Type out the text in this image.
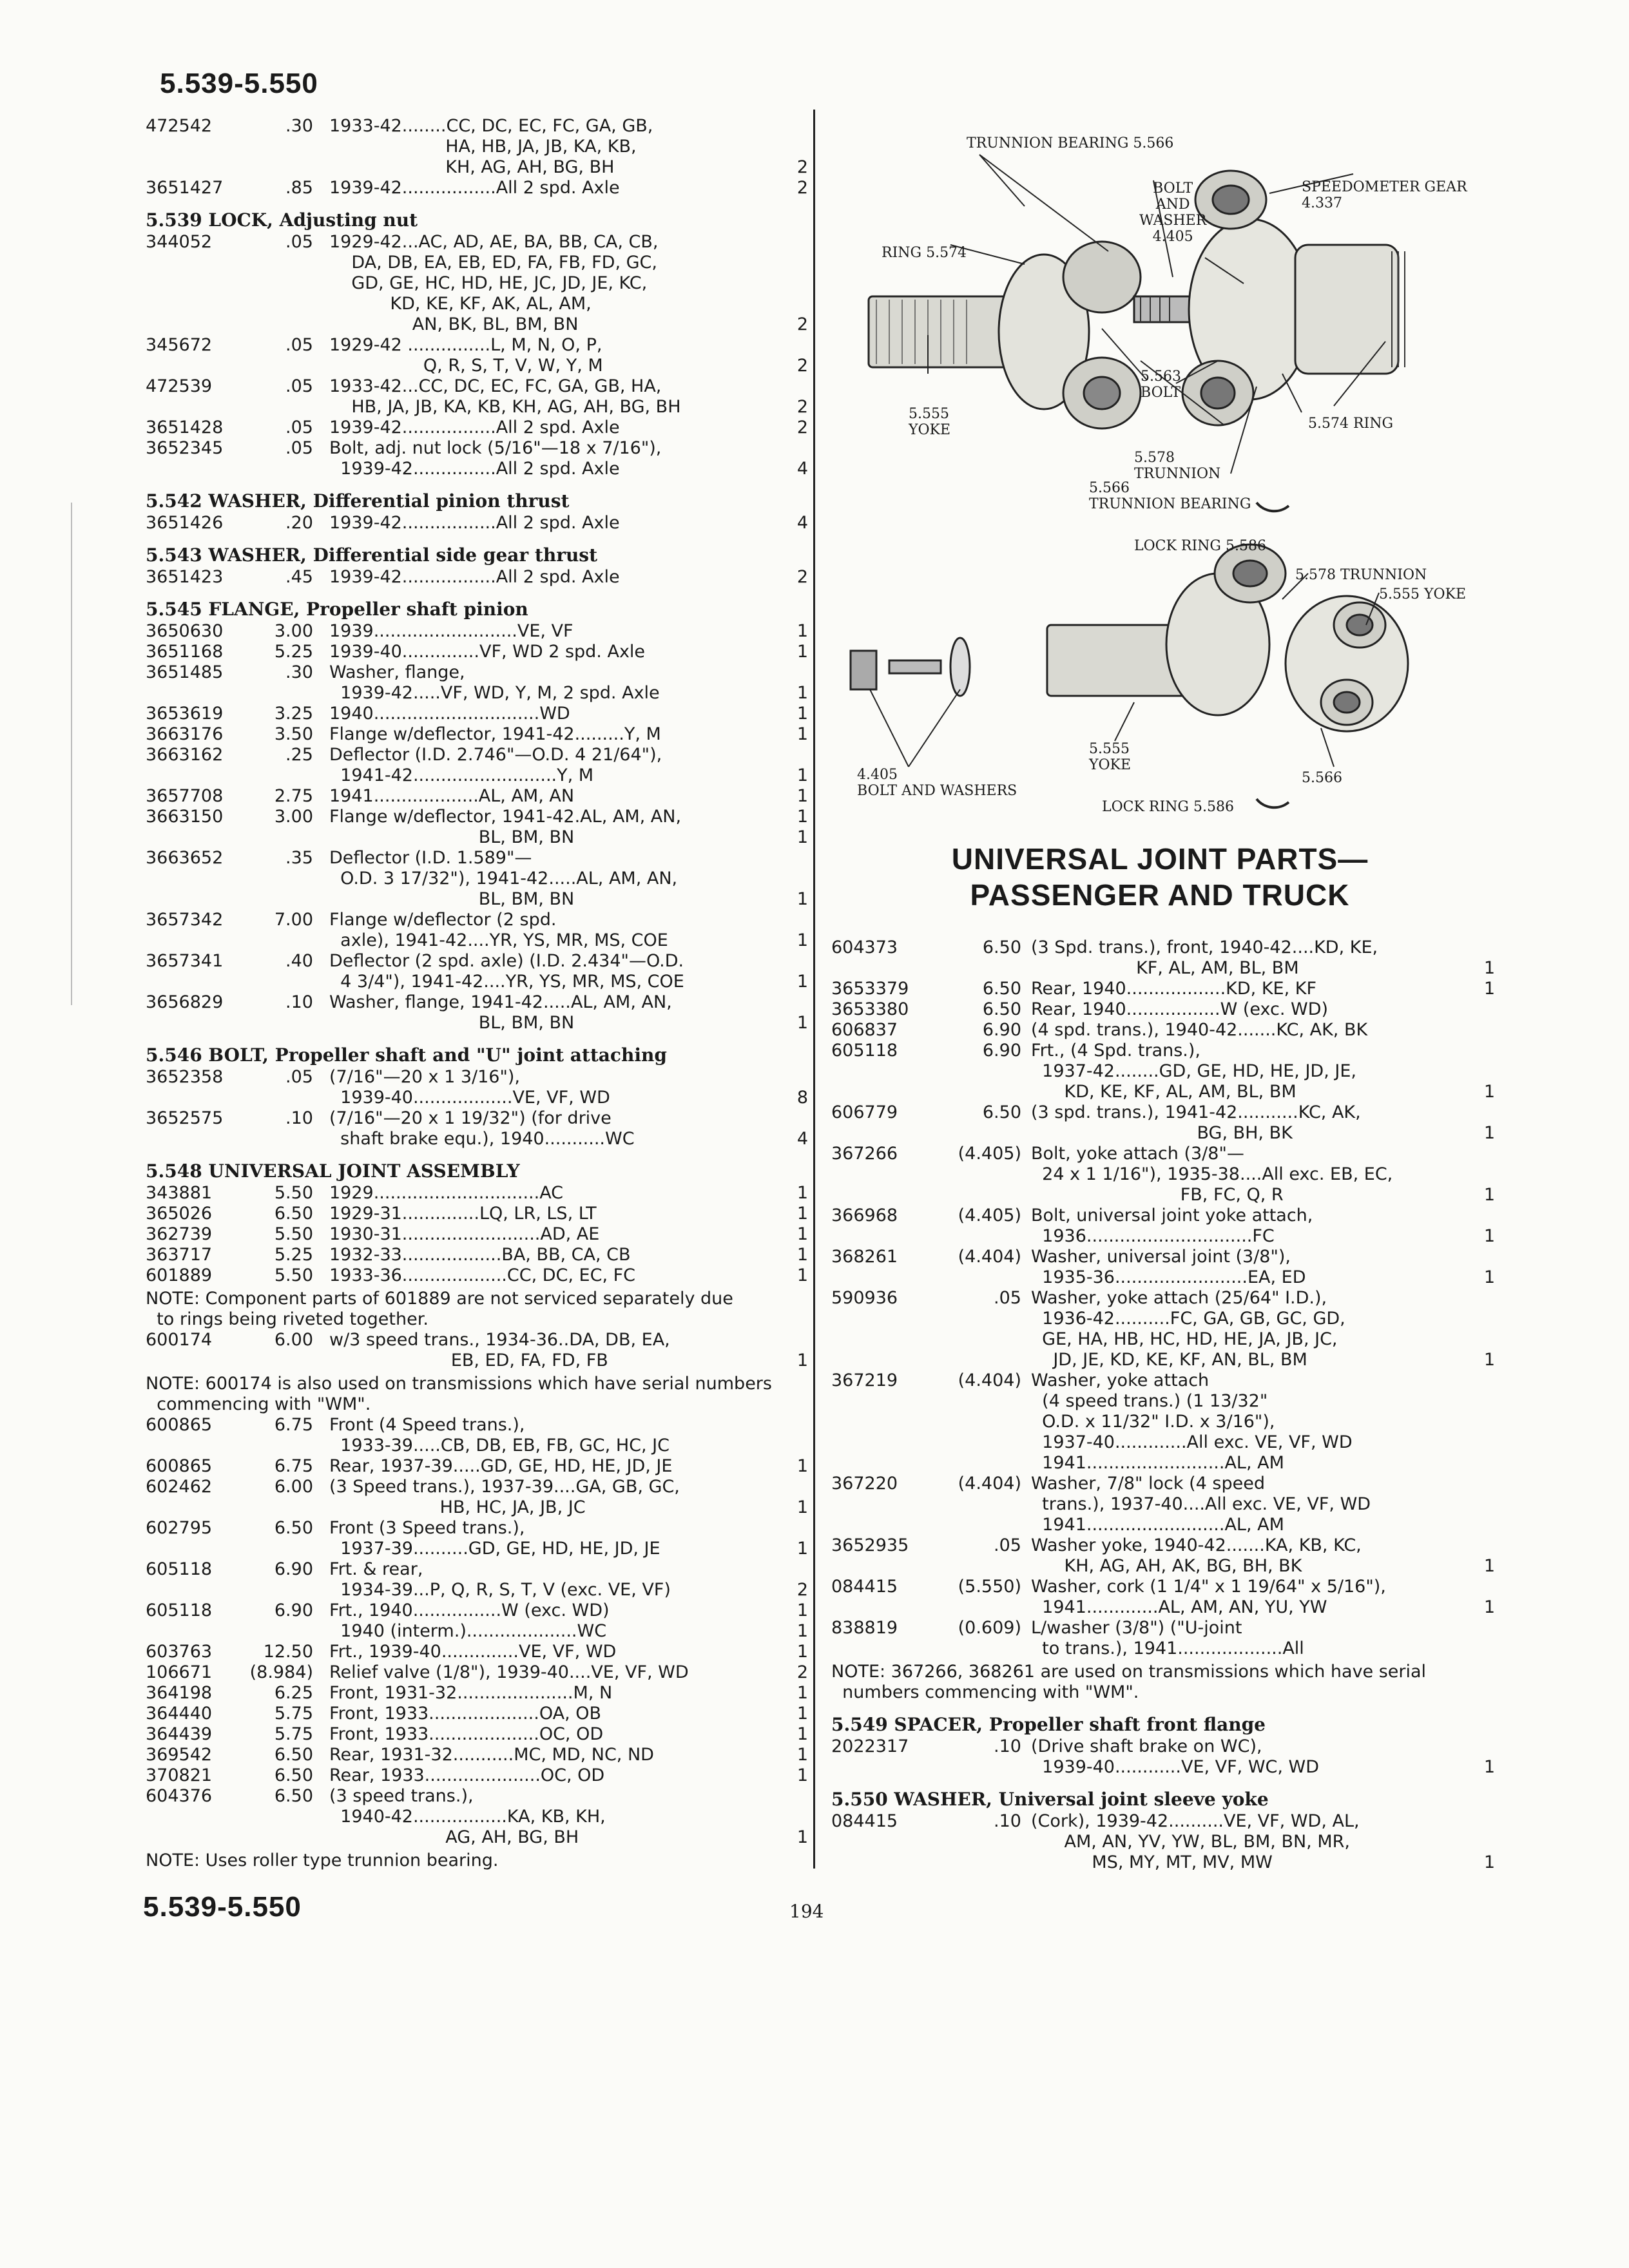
5.539-5.550
5.539-5.550	194
472542	.30 1933-42........CC, DC, EC, FC, GA, GB,
HA, HB, JA, JB, KA, KB,
KH, AG, AH, BG, BH	2
3651427	.85 1939-42.................All 2 spd. Axle	2
5.539 LOCK, Adjusting nut
344052	.05 1929-42...AC, AD, AE, BA, BB, CA, CB,
DA, DB, EA, EB, ED, FA, FB, FD, GC,
GD, GE, HC, HD, HE, JC, JD, JE, KC,
KD, KE, KF, AK, AL, AM,
AN, BK, BL, BM, BN	2
345672	.05 1929-42 ...............L, M, N, O, P,
Q, R, S, T, V, W, Y, M	2
472539	.05 1933-42...CC, DC, EC, FC, GA, GB, HA,
HB, JA, JB, KA, KB, KH, AG, AH, BG, BH	2
3651428	.05 1939-42.................All 2 spd. Axle	2
3652345	.05 Bolt, adj. nut lock (5/16"—18 x 7/16"),
1939-42...............All 2 spd. Axle	4
5.542 WASHER, Differential pinion thrust
3651426	.20 1939-42.................All 2 spd. Axle	4
5.543 WASHER, Differential side gear thrust
3651423	.45 1939-42.................All 2 spd. Axle	2
5.545 FLANGE, Propeller shaft pinion
3650630	3.00 1939..........................VE, VF	1
3651168	5.25 1939-40..............VF, WD 2 spd. Axle	1
3651485	.30 Washer, flange,
1939-42.....VF, WD, Y, M, 2 spd. Axle	1
3653619	3.25 1940..............................WD	1
3663176	3.50 Flange w/deflector, 1941-42.........Y, M	1
3663162	.25 Deflector (I.D. 2.746"—O.D. 4 21/64"),
1941-42..........................Y, M	1
3657708	2.75 1941...................AL, AM, AN	1
3663150	3.00 Flange w/deflector, 1941-42.AL, AM, AN,	1
BL, BM, BN	1
3663652	.35 Deflector (I.D. 1.589"—
O.D. 3 17/32"), 1941-42.....AL, AM, AN,
BL, BM, BN	1
3657342	7.00 Flange w/deflector (2 spd.
axle), 1941-42....YR, YS, MR, MS, COE	1
3657341	.40 Deflector (2 spd. axle) (I.D. 2.434"—O.D.
4 3/4"), 1941-42....YR, YS, MR, MS, COE	1
3656829	.10 Washer, flange, 1941-42.....AL, AM, AN,
BL, BM, BN	1
5.546 BOLT, Propeller shaft and "U" joint attaching
3652358	.05 (7/16"—20 x 1 3/16"),
1939-40..................VE, VF, WD	8
3652575	.10 (7/16"—20 x 1 19/32") (for drive
shaft brake equ.), 1940...........WC	4
5.548 UNIVERSAL JOINT ASSEMBLY
343881	5.50 1929..............................AC	1
365026	6.50 1929-31..............LQ, LR, LS, LT	1
362739	5.50 1930-31.........................AD, AE	1
363717	5.25 1932-33..................BA, BB, CA, CB	1
601889	5.50 1933-36...................CC, DC, EC, FC	1
NOTE: Component parts of 601889 are not serviced separately due
to rings being riveted together.
600174	6.00 w/3 speed trans., 1934-36..DA, DB, EA,
EB, ED, FA, FD, FB	1
NOTE: 600174 is also used on transmissions which have serial numbers
commencing with "WM".
600865	6.75 Front (4 Speed trans.),
1933-39.....CB, DB, EB, FB, GC, HC, JC
600865	6.75 Rear, 1937-39.....GD, GE, HD, HE, JD, JE	1
602462	6.00 (3 Speed trans.), 1937-39....GA, GB, GC,
HB, HC, JA, JB, JC	1
602795	6.50 Front (3 Speed trans.),
1937-39..........GD, GE, HD, HE, JD, JE	1
605118	6.90 Frt. & rear,
1934-39...P, Q, R, S, T, V (exc. VE, VF)	2
605118	6.90 Frt., 1940................W (exc. WD)	1
1940 (interm.)....................WC	1
603763	12.50 Frt., 1939-40..............VE, VF, WD	1
106671	(8.984) Relief valve (1/8"), 1939-40....VE, VF, WD	2
364198	6.25 Front, 1931-32.....................M, N	1
364440	5.75 Front, 1933....................OA, OB	1
364439	5.75 Front, 1933....................OC, OD	1
369542	6.50 Rear, 1931-32...........MC, MD, NC, ND	1
370821	6.50 Rear, 1933.....................OC, OD	1
604376	6.50 (3 speed trans.),
1940-42.................KA, KB, KH,
AG, AH, BG, BH	1
NOTE: Uses roller type trunnion bearing.
TRUNNION BEARING 5.566
BOLT
AND
WASHER
4.405
SPEEDOMETER GEAR
4.337
RING 5.574
5.555
YOKE
5.563
BOLT
5.574 RING
5.578
TRUNNION
5.566
TRUNNION BEARING
LOCK RING 5.586
5.578 TRUNNION
5.555 YOKE
4.405
BOLT AND WASHERS
5.555
YOKE
5.566
LOCK RING 5.586
UNIVERSAL JOINT PARTS—
PASSENGER AND TRUCK
604373	6.50 (3 Spd. trans.), front, 1940-42....KD, KE,
KF, AL, AM, BL, BM	1
3653379	6.50 Rear, 1940..................KD, KE, KF	1
3653380	6.50 Rear, 1940.................W (exc. WD)
606837	6.90 (4 spd. trans.), 1940-42.......KC, AK, BK
605118	6.90 Frt., (4 Spd. trans.),
1937-42........GD, GE, HD, HE, JD, JE,
KD, KE, KF, AL, AM, BL, BM	1
606779	6.50 (3 spd. trans.), 1941-42...........KC, AK,
BG, BH, BK	1
367266	(4.405) Bolt, yoke attach (3/8"—
24 x 1 1/16"), 1935-38....All exc. EB, EC,
FB, FC, Q, R	1
366968	(4.405) Bolt, universal joint yoke attach,
1936..............................FC	1
368261	(4.404) Washer, universal joint (3/8"),
1935-36........................EA, ED	1
590936	.05 Washer, yoke attach (25/64" I.D.),
1936-42..........FC, GA, GB, GC, GD,
GE, HA, HB, HC, HD, HE, JA, JB, JC,
JD, JE, KD, KE, KF, AN, BL, BM	1
367219	(4.404) Washer, yoke attach
(4 speed trans.) (1 13/32"
O.D. x 11/32" I.D. x 3/16"),
1937-40.............All exc. VE, VF, WD
1941.........................AL, AM
367220	(4.404) Washer, 7/8" lock (4 speed
trans.), 1937-40....All exc. VE, VF, WD
1941.........................AL, AM
3652935	.05 Washer yoke, 1940-42.......KA, KB, KC,
KH, AG, AH, AK, BG, BH, BK	1
084415	(5.550) Washer, cork (1 1/4" x 1 19/64" x 5/16"),
1941.............AL, AM, AN, YU, YW	1
838819	(0.609) L/washer (3/8") ("U-joint
to trans.), 1941...................All
NOTE: 367266, 368261 are used on transmissions which have serial
numbers commencing with "WM".
5.549 SPACER, Propeller shaft front flange
2022317	.10 (Drive shaft brake on WC),
1939-40............VE, VF, WC, WD	1
5.550 WASHER, Universal joint sleeve yoke
084415	.10 (Cork), 1939-42..........VE, VF, WD, AL,
AM, AN, YV, YW, BL, BM, BN, MR,
MS, MY, MT, MV, MW	1
